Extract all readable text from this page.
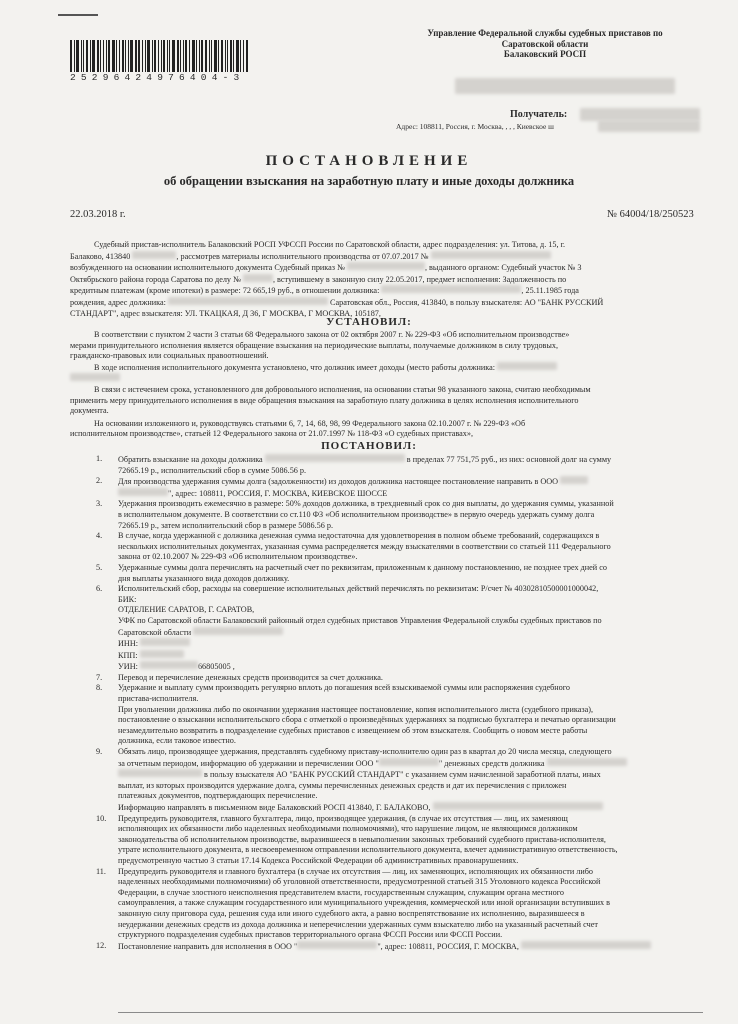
25296424976404-3
Управление Федеральной службы судебных приставов по
Саратовской области
Балаковский РОСП
Получатель:
Адрес: 108811, Россия, г. Москва, , , , Киевское ш
ПОСТАНОВЛЕНИЕ
об обращении взыскания на заработную плату и иные доходы должника
22.03.2018 г.	№ 64004/18/250523
Судебный пристав-исполнитель Балаковский РОСП УФССП России по Саратовской области, адрес подразделения: ул. Титова, д. 15, г.
Балаково, 413840	, рассмотрев материалы исполнительного производства от 07.07.2017 №
возбужденного на основании исполнительного документа Судебный приказ №	, выданного органом: Судебный участок № 3
Октябрьского района города Саратова по делу №	, вступившему в законную силу 22.05.2017, предмет исполнения: Задолженность по
кредитным платежам (кроме ипотеки) в размере: 72 665,19 руб., в отношении должника:	, 25.11.1985 года
рождения, адрес должника:	Саратовская обл., Россия, 413840, в пользу взыскателя: АО "БАНК РУССКИЙ
СТАНДАРТ", адрес взыскателя: УЛ. ТКАЦКАЯ, Д 36, Г МОСКВА, Г МОСКВА, 105187,
УСТАНОВИЛ:
В соответствии с пунктом 2 части 3 статьи 68 Федерального закона от 02 октября 2007 г. № 229-ФЗ «Об исполнительном производстве»
мерами принудительного исполнения является обращение взыскания на периодические выплаты, получаемые должником в силу трудовых,
гражданско-правовых или социальных правоотношений.
В ходе исполнения исполнительного документа установлено, что должник имеет доходы (место работы должника:
В связи с истечением срока, установленного для добровольного исполнения, на основании статьи 98 указанного закона, считаю необходимым
применить меру принудительного исполнения в виде обращения взыскания на заработную плату должника в целях исполнения исполнительного
документа.
На основании изложенного и, руководствуясь статьями 6, 7, 14, 68, 98, 99 Федерального закона 02.10.2007 г. № 229-ФЗ «Об
исполнительном производстве», статьей 12 Федерального закона от 21.07.1997 № 118-ФЗ «О судебных приставах»,
ПОСТАНОВИЛ:
1. Обратить взыскание на доходы должника	в пределах 77 751,75 руб., из них: основной долг на сумму
72665.19 р., исполнительский сбор в сумме 5086.56 р.
2. Для производства удержания суммы долга (задолженности) из доходов должника настоящее постановление направить в ООО
", адрес: 108811, РОССИЯ, Г. МОСКВА, КИЕВСКОЕ ШОССЕ
3. Удержания производить ежемесячно в размере: 50% доходов должника, в трехдневный срок со дня выплаты, до удержания суммы, указанной
в исполнительном документе. В соответствии со ст.110 ФЗ «Об исполнительном производстве» в первую очередь удержать сумму долга
72665.19 р., затем исполнительский сбор в размере 5086.56 р.
4. В случае, когда удержанной с должника денежная сумма недостаточна для удовлетворения в полном объеме требований, содержащихся в
нескольких исполнительных документах, указанная сумма распределяется между взыскателями в соответствии со статьей 111 Федерального
закона от 02.10.2007 № 229-ФЗ «Об исполнительном производстве».
5. Удержанные суммы долга перечислять на расчетный счет по реквизитам, приложенным к данному постановлению, не позднее трех дней со
дня выплаты указанного вида доходов должнику.
6. Исполнительский сбор, расходы на совершение исполнительных действий перечислять по реквизитам: Р/счет № 40302810500001000042,
БИК:
ОТДЕЛЕНИЕ САРАТОВ, Г. САРАТОВ,
УФК по Саратовской области Балаковский районный отдел судебных приставов Управления Федеральной службы судебных приставов по
Саратовской области
ИНН:
КПП:
УИН:	66805005 ,
7. Перевод и перечисление денежных средств производится за счет должника.
8. Удержание и выплату сумм производить регулярно вплоть до погашения всей взыскиваемой суммы или распоряжения судебного
пристава-исполнителя.
При увольнении должника либо по окончании удержания настоящее постановление, копия исполнительного листа (судебного приказа),
постановление о взыскании исполнительского сбора с отметкой о произведённых удержаниях за подписью бухгалтера и печатью организации
незамедлительно возвратить в подразделение судебных приставов с извещением об этом взыскателя. Сообщить о новом месте работы
должника, если таковое известно.
9. Обязать лицо, производящее удержания, представлять судебному приставу-исполнителю один раз в квартал до 20 числа месяца, следующего
за отчетным периодом, информацию об удержании и перечислении ООО "	" денежных средств должника
в пользу взыскателя АО "БАНК РУССКИЙ СТАНДАРТ" с указанием сумм начисленной заработной платы, иных
выплат, из которых производится удержание долга, суммы перечисленных денежных средств и дат их перечисления с приложен
платежных документов, подтверждающих перечисление.
Информацию направлять в письменном виде Балаковский РОСП 413840, Г. БАЛАКОВО,
10. Предупредить руководителя, главного бухгалтера, лицо, производящее удержания, (в случае их отсутствия — лиц, их заменяющ
исполняющих их обязанности либо наделенных необходимыми полномочиями), что нарушение лицом, не являющимся должником
законодательства об исполнительном производстве, выразившееся в невыполнении законных требований судебного пристава-исполнителя,
утрате исполнительного документа, в несвоевременном отправлении исполнительного документа, влечет административную ответственность,
предусмотренную частью 3 статьи 17.14 Кодекса Российской Федерации об административных правонарушениях.
11. Предупредить руководителя и главного бухгалтера (в случае их отсутствия — лиц, их заменяющих, исполняющих их обязанности либо
наделенных необходимыми полномочиями) об уголовной ответственности, предусмотренной статьей 315 Уголовного кодекса Российской
Федерации, в случае злостного неисполнения представителем власти, государственным служащим, служащим органа местного
самоуправления, а также служащим государственного или муниципального учреждения, коммерческой или иной организации вступивших в
законную силу приговора суда, решения суда или иного судебного акта, а равно воспрепятствование их исполнению, выразившееся в
неудержании денежных средств из дохода должника и неперечислении удержанных сумм взыскателю либо на указанный расчетный счет
структурного подразделения судебных приставов территориального органа ФССП России или ФССП России.
12. Постановление направить для исполнения в ООО "	", адрес: 108811, РОССИЯ, Г. МОСКВА,
